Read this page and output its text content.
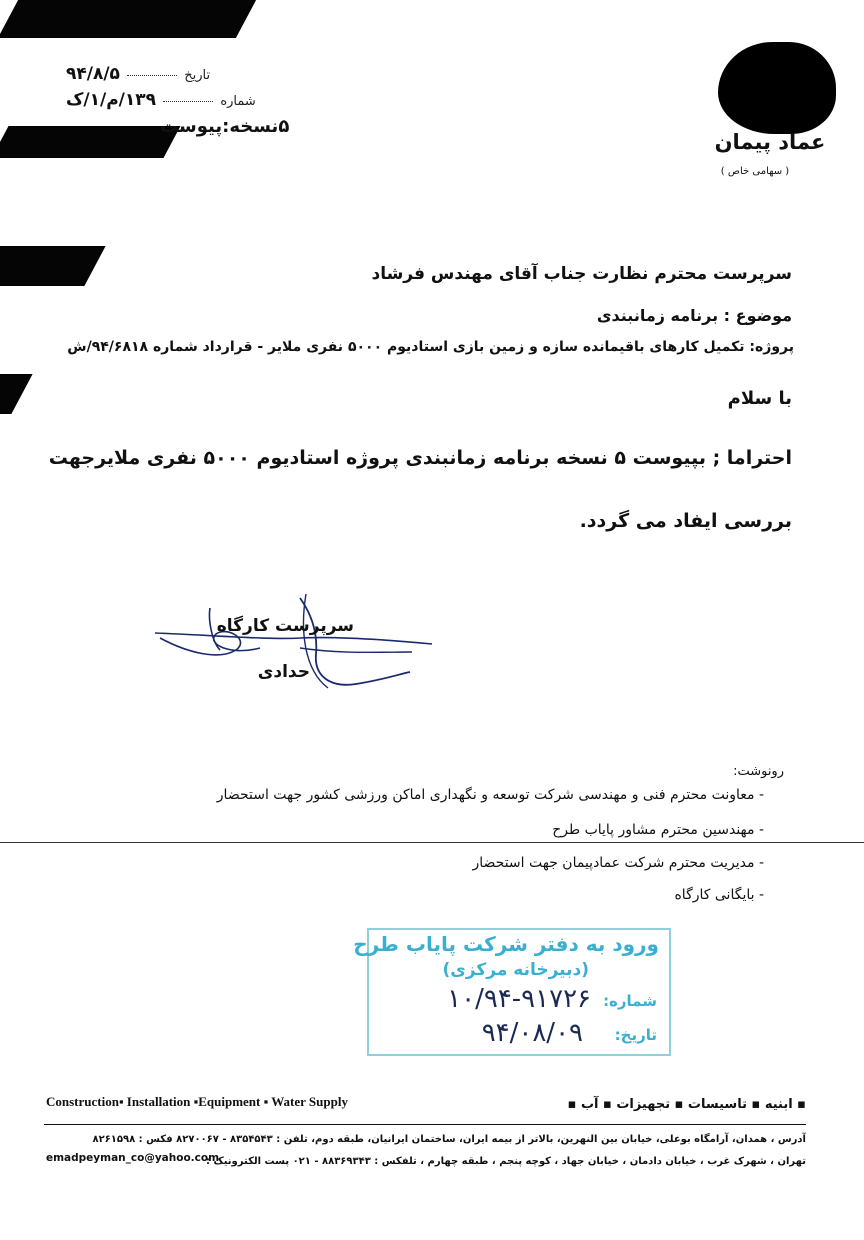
تاریخ  ۹۴/۸/۵
شماره  ۱۳۹/م/۱/ک
۵نسخه:پیوست
عماد پیمان
( سهامی خاص )
سرپرست محترم نظارت جناب آقای مهندس فرشاد
موضوع : برنامه زمانبندی
پروژه: تکمیل کارهای باقیمانده سازه و زمین بازی استادیوم ۵۰۰۰ نفری ملایر - قرارداد شماره ۹۴/۶۸۱۸/ش
با سلام
احتراما ; بپیوست ۵ نسخه برنامه زمانبندی پروژه استادیوم ۵۰۰۰ نفری ملایرجهت
بررسی ایفاد می گردد.
سرپرست کارگاه
حدادی
رونوشت:
- معاونت محترم فنی و مهندسی شرکت توسعه و نگهداری اماکن ورزشی کشور جهت استحضار
- مهندسین محترم مشاور پایاب طرح
- مدیریت محترم شرکت عمادپیمان جهت استحضار
- بایگانی کارگاه
ورود به دفتر شرکت پایاب طرح
(دبیرخانه مرکزی)
شماره:
۱۰/۹۴-۹۱۷۲۶
تاریخ:
۹۴/۰۸/۰۹
Construction▪ Installation ▪Equipment ▪ Water Supply	▪ ابنیه ▪ تاسیسات ▪ تجهیزات ▪ آب ▪
آدرس ، همدان، آرامگاه بوعلی، خیابان بین النهرین، بالاتر از بیمه ایران، ساختمان ایرانیان، طبقه دوم، تلفن : ۸۳۵۴۵۴۳ - ۸۲۷۰۰۶۷ فکس : ۸۲۶۱۵۹۸
تهران ، شهرک غرب ، خیابان دادمان ، خیابان جهاد ، کوچه پنجم ، طبقه چهارم ، تلفکس : ۸۸۳۶۹۳۴۳ - ۰۲۱ پست الکترونیک :
emadpeyman_co@yahoo.com
